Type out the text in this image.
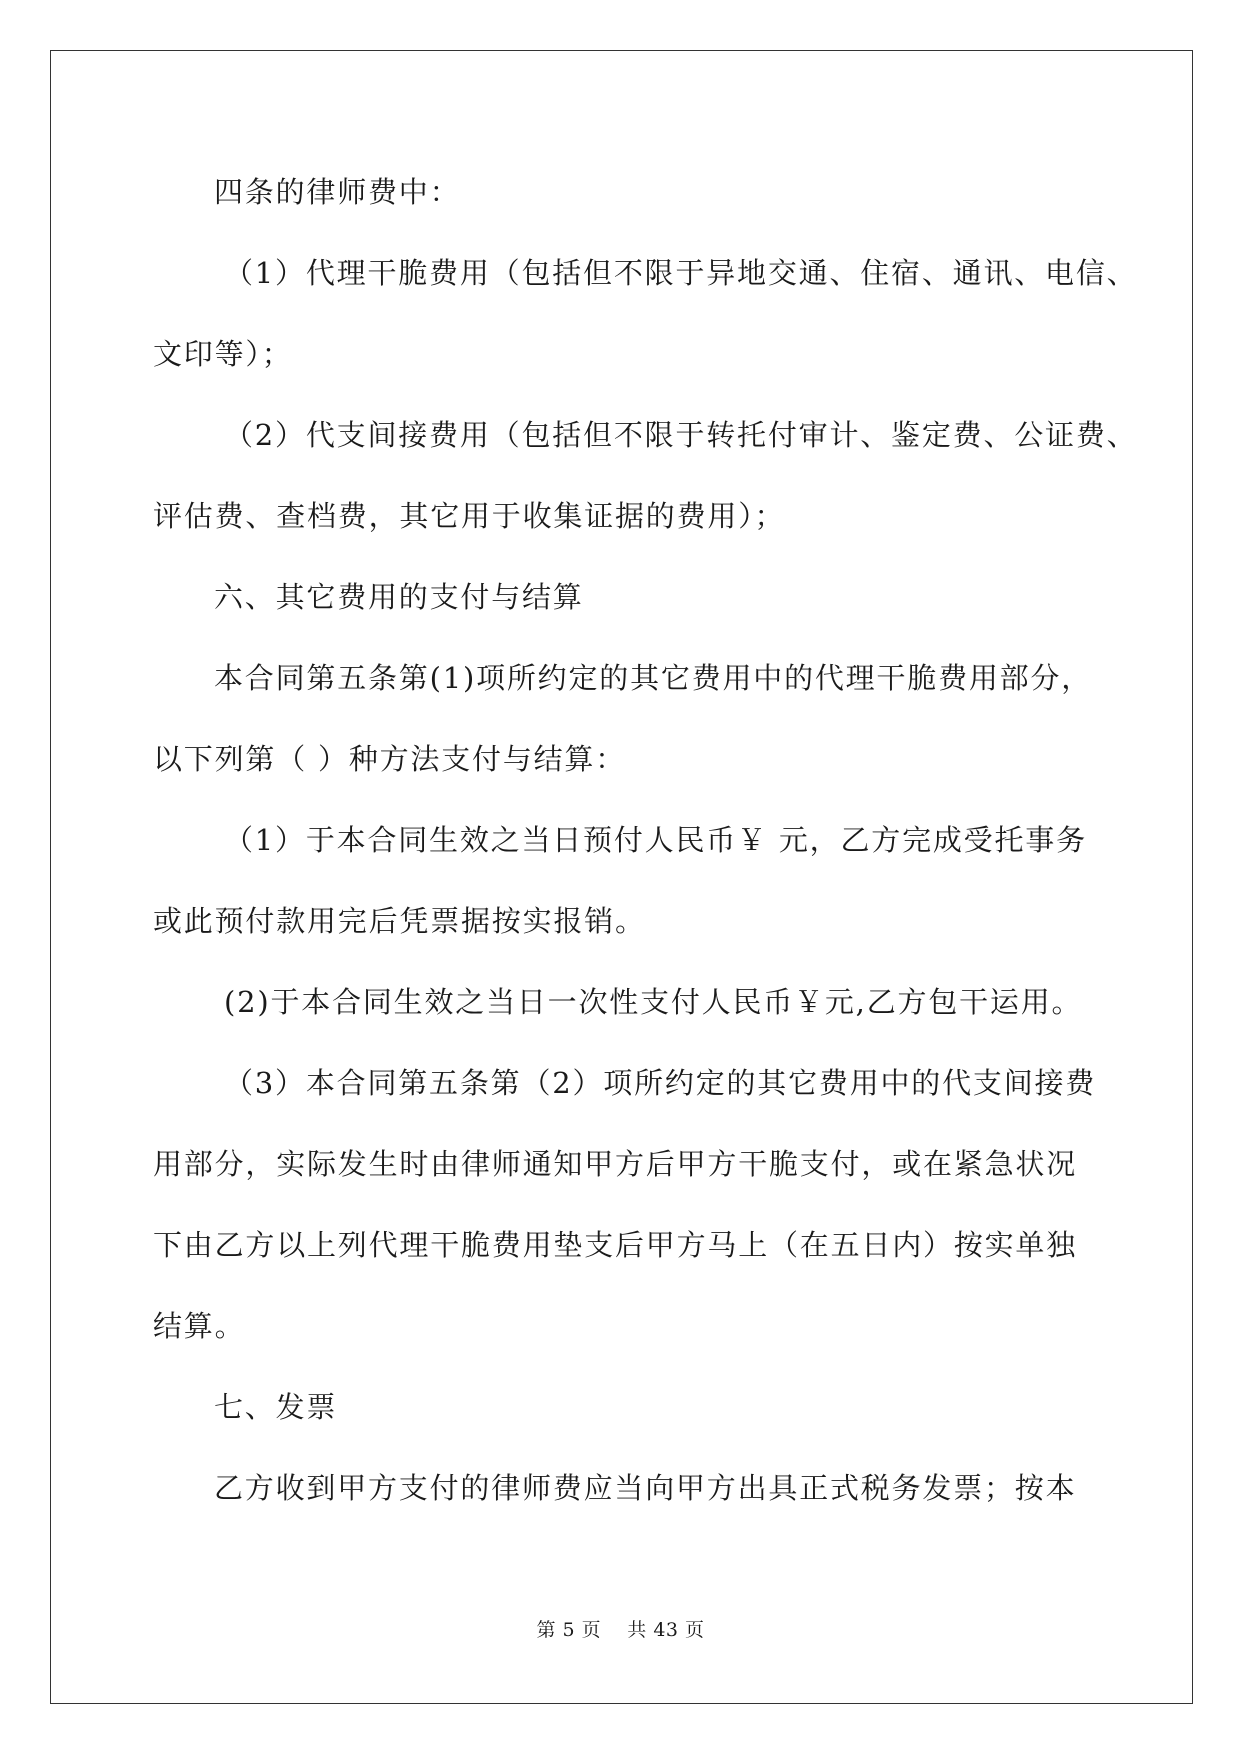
四条的律师费中：
（1）代理干脆费用（包括但不限于异地交通、住宿、通讯、电信、
文印等）；
（2）代支间接费用（包括但不限于转托付审计、鉴定费、公证费、
评估费、查档费，其它用于收集证据的费用）；
六、其它费用的支付与结算
本合同第五条第(1)项所约定的其它费用中的代理干脆费用部分，
以下列第（ ）种方法支付与结算：
（1）于本合同生效之当日预付人民币￥ 元，乙方完成受托事务
或此预付款用完后凭票据按实报销。
(2)于本合同生效之当日一次性支付人民币￥元,乙方包干运用。
（3）本合同第五条第（2）项所约定的其它费用中的代支间接费
用部分，实际发生时由律师通知甲方后甲方干脆支付，或在紧急状况
下由乙方以上列代理干脆费用垫支后甲方马上（在五日内）按实单独
结算。
七、发票
乙方收到甲方支付的律师费应当向甲方出具正式税务发票；按本
第 5 页    共 43 页
